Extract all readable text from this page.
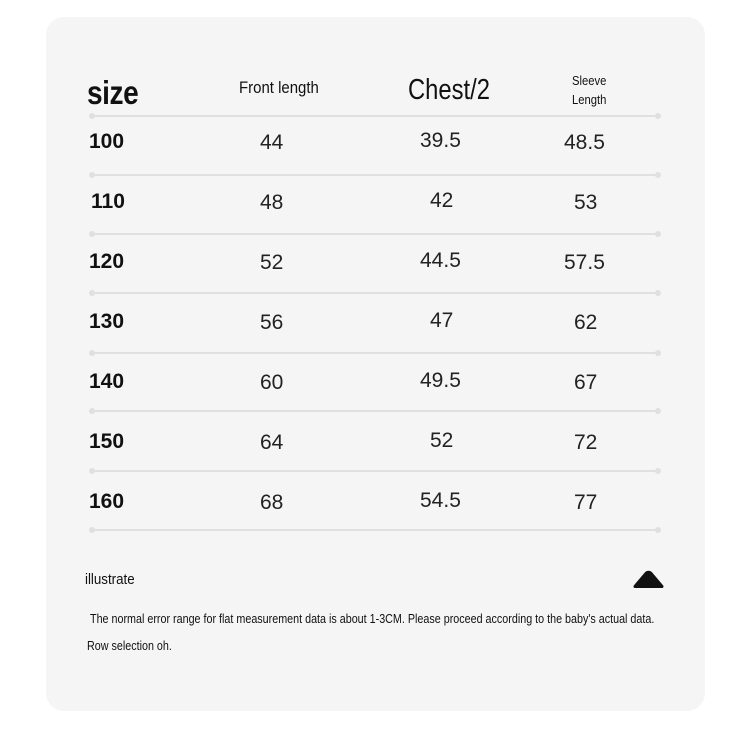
size	Front length	Chest/2	Sleeve
Length
100	44	39.5	48.5
110	48	42	53
120	52	44.5	57.5
130	56	47	62
140	60	49.5	67
150	64	52	72
160	68	54.5	77
illustrate
The normal error range for flat measurement data is about 1-3CM. Please proceed according to the baby's actual data.
Row selection oh.
